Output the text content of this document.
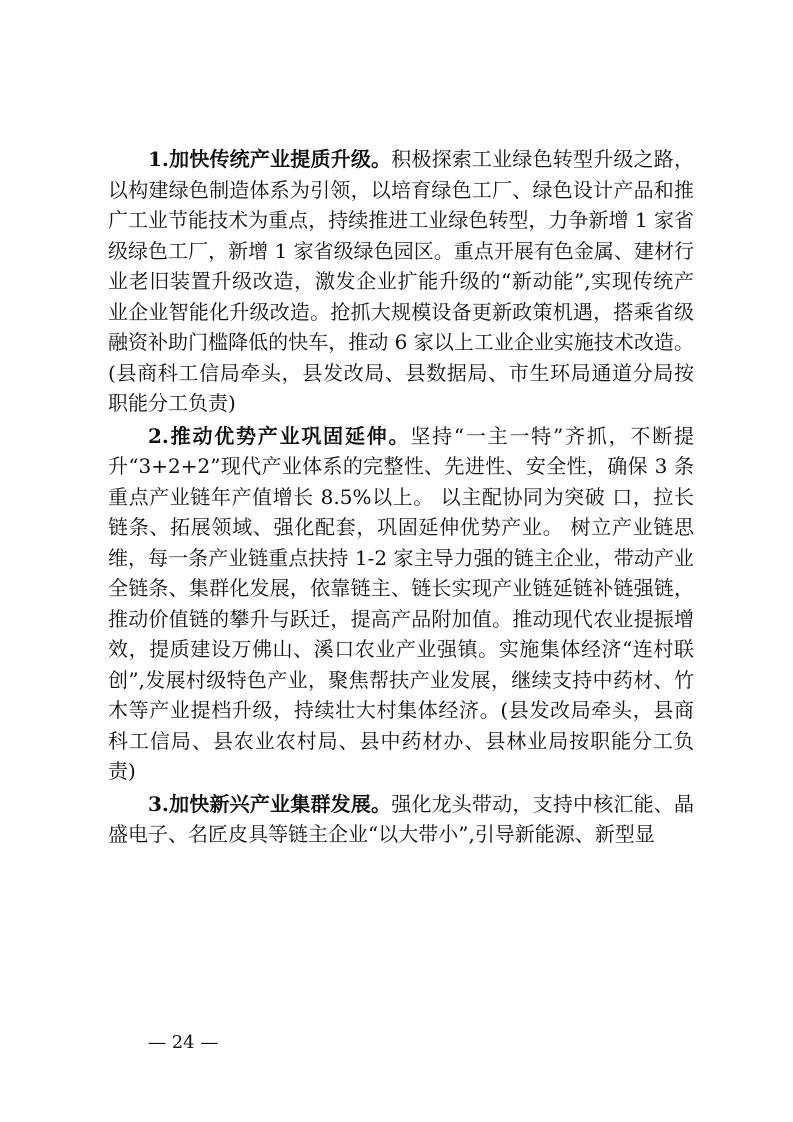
1.加快传统产业提质升级。积极探索工业绿色转型升级之路，以构建绿色制造体系为引领，以培育绿色工厂、绿色设计产品和推广工业节能技术为重点，持续推进工业绿色转型，力争新增 1 家省级绿色工厂，新增 1 家省级绿色园区。重点开展有色金属、建材行业老旧装置升级改造，激发企业扩能升级的“新动能”,实现传统产业企业智能化升级改造。抢抓大规模设备更新政策机遇，搭乘省级融资补助门槛降低的快车，推动 6 家以上工业企业实施技术改造。(县商科工信局牵头，县发改局、县数据局、市生环局通道分局按职能分工负责)

2.推动优势产业巩固延伸。坚持“一主一特”齐抓，不断提升“3+2+2”现代产业体系的完整性、先进性、安全性，确保 3 条重点产业链年产值增长 8.5%以上。 以主配协同为突破 口，拉长链条、拓展领域、强化配套，巩固延伸优势产业。 树立产业链思维，每一条产业链重点扶持 1-2 家主导力强的链主企业，带动产业全链条、集群化发展，依靠链主、链长实现产业链延链补链强链，推动价值链的攀升与跃迁，提高产品附加值。推动现代农业提振增效，提质建设万佛山、溪口农业产业强镇。实施集体经济“连村联创”,发展村级特色产业，聚焦帮扶产业发展，继续支持中药材、竹木等产业提档升级，持续壮大村集体经济。(县发改局牵头，县商科工信局、县农业农村局、县中药材办、县林业局按职能分工负责)

3.加快新兴产业集群发展。强化龙头带动，支持中核汇能、晶盛电子、名匠皮具等链主企业“以大带小”,引导新能源、新型显

— 24 —
